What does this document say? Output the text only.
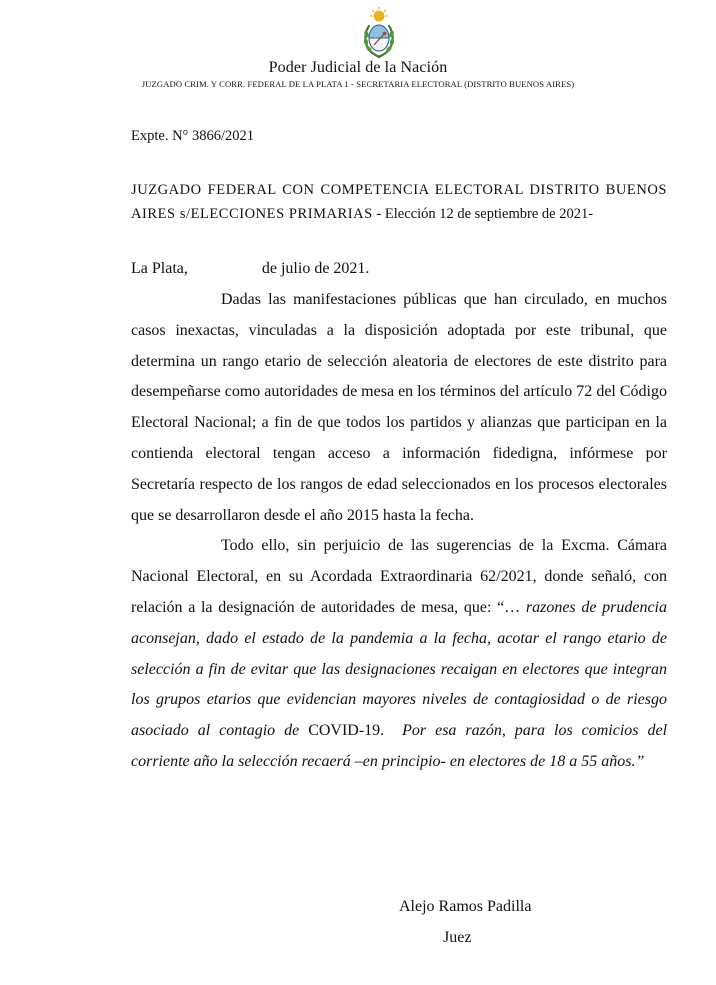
Poder Judicial de la Nación
JUZGADO CRIM. Y CORR. FEDERAL DE LA PLATA 1 - SECRETARIA ELECTORAL (DISTRITO BUENOS AIRES)
Expte. N° 3866/2021
JUZGADO FEDERAL CON COMPETENCIA ELECTORAL DISTRITO BUENOS AIRES s/ELECCIONES PRIMARIAS - Elección 12 de septiembre de 2021-
La Plata,	de julio de 2021.

Dadas las manifestaciones públicas que han circulado, en muchos casos inexactas, vinculadas a la disposición adoptada por este tribunal, que determina un rango etario de selección aleatoria de electores de este distrito para desempeñarse como autoridades de mesa en los términos del artículo 72 del Código Electoral Nacional; a fin de que todos los partidos y alianzas que participan en la contienda electoral tengan acceso a información fidedigna, infórmese por Secretaría respecto de los rangos de edad seleccionados en los procesos electorales que se desarrollaron desde el año 2015 hasta la fecha.

Todo ello, sin perjuicio de las sugerencias de la Excma. Cámara Nacional Electoral, en su Acordada Extraordinaria 62/2021, donde señaló, con relación a la designación de autoridades de mesa, que: “… razones de prudencia aconsejan, dado el estado de la pandemia a la fecha, acotar el rango etario de selección a fin de evitar que las designaciones recaigan en electores que integran los grupos etarios que evidencian mayores niveles de contagiosidad o de riesgo asociado al contagio de COVID-19. Por esa razón, para los comicios del corriente año la selección recaerá –en principio- en electores de 18 a 55 años.”

Alejo Ramos Padilla
Juez
